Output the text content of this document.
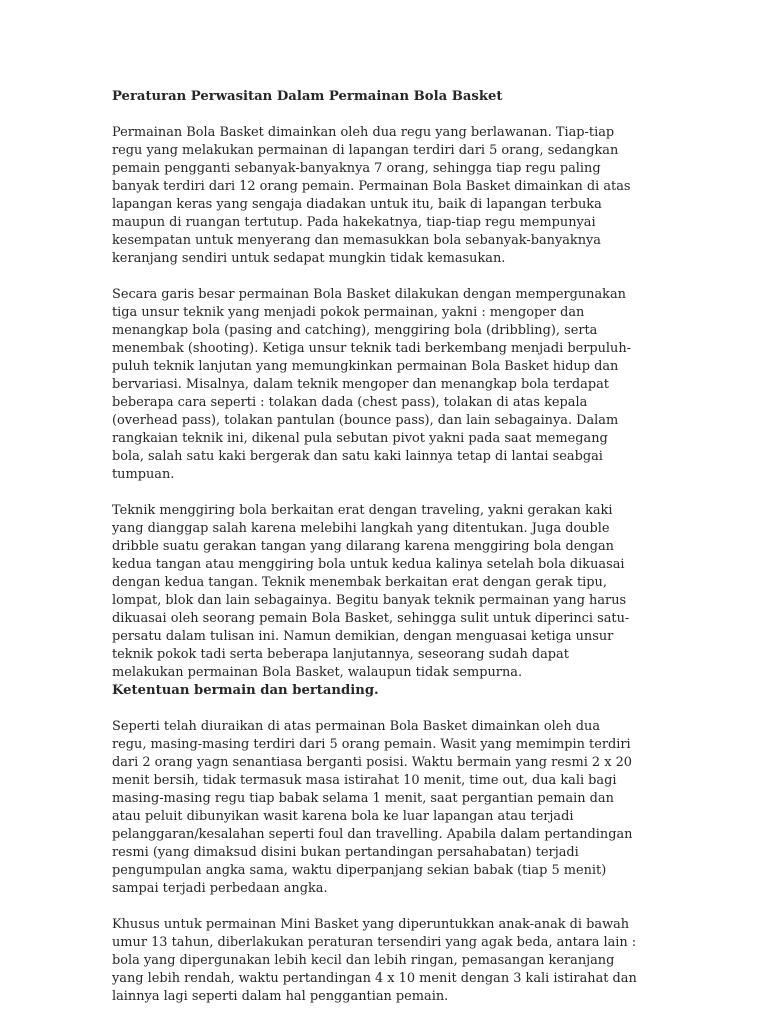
Peraturan Perwasitan Dalam Permainan Bola Basket

Permainan Bola Basket dimainkan oleh dua regu yang berlawanan. Tiap-tiap regu yang melakukan permainan di lapangan terdiri dari 5 orang, sedangkan pemain pengganti sebanyak-banyaknya 7 orang, sehingga tiap regu paling banyak terdiri dari 12 orang pemain. Permainan Bola Basket dimainkan di atas lapangan keras yang sengaja diadakan untuk itu, baik di lapangan terbuka maupun di ruangan tertutup. Pada hakekatnya, tiap-tiap regu mempunyai kesempatan untuk menyerang dan memasukkan bola sebanyak-banyaknya keranjang sendiri untuk sedapat mungkin tidak kemasukan.

Secara garis besar permainan Bola Basket dilakukan dengan mempergunakan tiga unsur teknik yang menjadi pokok permainan, yakni : mengoper dan menangkap bola (pasing and catching), menggiring bola (dribbling), serta menembak (shooting). Ketiga unsur teknik tadi berkembang menjadi berpuluh-puluh teknik lanjutan yang memungkinkan permainan Bola Basket hidup dan bervariasi. Misalnya, dalam teknik mengoper dan menangkap bola terdapat beberapa cara seperti : tolakan dada (chest pass), tolakan di atas kepala (overhead pass), tolakan pantulan (bounce pass), dan lain sebagainya. Dalam rangkaian teknik ini, dikenal pula sebutan pivot yakni pada saat memegang bola, salah satu kaki bergerak dan satu kaki lainnya tetap di lantai seabgai tumpuan.

Teknik menggiring bola berkaitan erat dengan traveling, yakni gerakan kaki yang dianggap salah karena melebihi langkah yang ditentukan. Juga double dribble suatu gerakan tangan yang dilarang karena menggiring bola dengan kedua tangan atau menggiring bola untuk kedua kalinya setelah bola dikuasai dengan kedua tangan. Teknik menembak berkaitan erat dengan gerak tipu, lompat, blok dan lain sebagainya. Begitu banyak teknik permainan yang harus dikuasai oleh seorang pemain Bola Basket, sehingga sulit untuk diperinci satu-persatu dalam tulisan ini. Namun demikian, dengan menguasai ketiga unsur teknik pokok tadi serta beberapa lanjutannya, seseorang sudah dapat melakukan permainan Bola Basket, walaupun tidak sempurna.

Ketentuan bermain dan bertanding.

Seperti telah diuraikan di atas permainan Bola Basket dimainkan oleh dua regu, masing-masing terdiri dari 5 orang pemain. Wasit yang memimpin terdiri dari 2 orang yagn senantiasa berganti posisi. Waktu bermain yang resmi 2 x 20 menit bersih, tidak termasuk masa istirahat 10 menit, time out, dua kali bagi masing-masing regu tiap babak selama 1 menit, saat pergantian pemain dan atau peluit dibunyikan wasit karena bola ke luar lapangan atau terjadi pelanggaran/kesalahan seperti foul dan travelling. Apabila dalam pertandingan resmi (yang dimaksud disini bukan pertandingan persahabatan) terjadi pengumpulan angka sama, waktu diperpanjang sekian babak (tiap 5 menit) sampai terjadi perbedaan angka.

Khusus untuk permainan Mini Basket yang diperuntukkan anak-anak di bawah umur 13 tahun, diberlakukan peraturan tersendiri yang agak beda, antara lain : bola yang dipergunakan lebih kecil dan lebih ringan, pemasangan keranjang yang lebih rendah, waktu pertandingan 4 x 10 menit dengan 3 kali istirahat dan lainnya lagi seperti dalam hal penggantian pemain.
